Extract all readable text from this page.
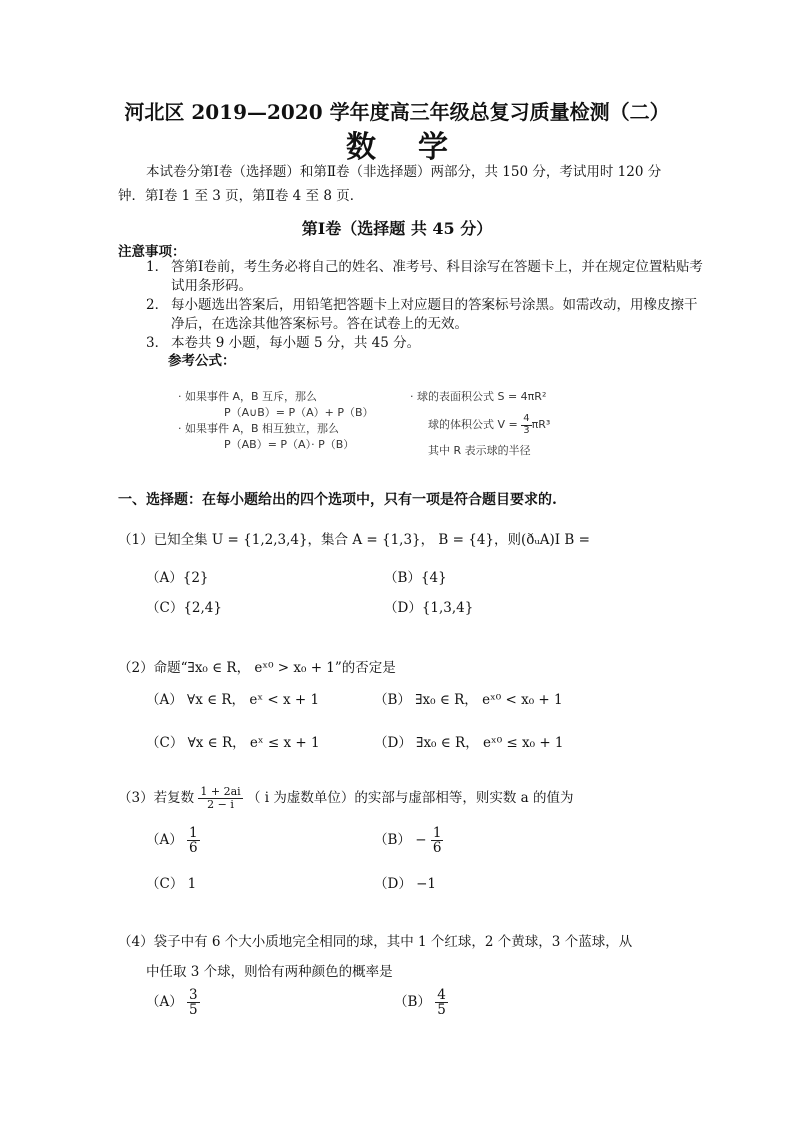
河北区 2019—2020 学年度高三年级总复习质量检测（二）
数学
本试卷分第Ⅰ卷（选择题）和第Ⅱ卷（非选择题）两部分，共 150 分，考试用时 120 分
钟．第Ⅰ卷 1 至 3 页，第Ⅱ卷 4 至 8 页．
第Ⅰ卷（选择题 共 45 分）
注意事项：
1． 答第Ⅰ卷前，考生务必将自己的姓名、准考号、科目涂写在答题卡上，并在规定位置粘贴考试用条形码。
2． 每小题选出答案后，用铅笔把答题卡上对应题目的答案标号涂黑。如需改动，用橡皮擦干净后，在选涂其他答案标号。答在试卷上的无效。
3． 本卷共 9 小题，每小题 5 分，共 45 分。
参考公式：
· 如果事件 A，B 互斥，那么
P（A∪B）= P（A）+ P（B）
· 如果事件 A，B 相互独立，那么
P（AB）= P（A）· P（B）
· 球的表面积公式 S = 4πR²
球的体积公式 $V = \frac{4}{3} \pi R^3$
其中 R 表示球的半径
一、选择题：在每小题给出的四个选项中，只有一项是符合题目要求的.
（1）已知全集 U = {1,2,3,4}，集合 A = {1,3}， B = {4}，则(ðᵤA)I B =
（A）{2}	（B）{4}
（C）{2,4}	（D）{1,3,4}
（2）命题“∃x₀ ∈ R， eˣ⁰ > x₀ + 1”的否定是
（A） ∀x ∈ R， eˣ < x + 1	（B） ∃x₀ ∈ R， eˣ⁰ < x₀ + 1
（C） ∀x ∈ R， eˣ ≤ x + 1	（D） ∃x₀ ∈ R， eˣ⁰ ≤ x₀ + 1
（3）若复数 $\frac{1 + 2ai}{2 - i}$ （ i 为虚数单位）的实部与虚部相等，则实数 a 的值为
$(A) \frac{1}{6}$	$(B) - \frac{1}{6}$
（C） 1	（D） −1
（4）袋子中有 6 个大小质地完全相同的球，其中 1 个红球，2 个黄球，3 个蓝球，从
中任取 3 个球，则恰有两种颜色的概率是
$(A) \frac{3}{5}$	$(B) \frac{4}{5}$
